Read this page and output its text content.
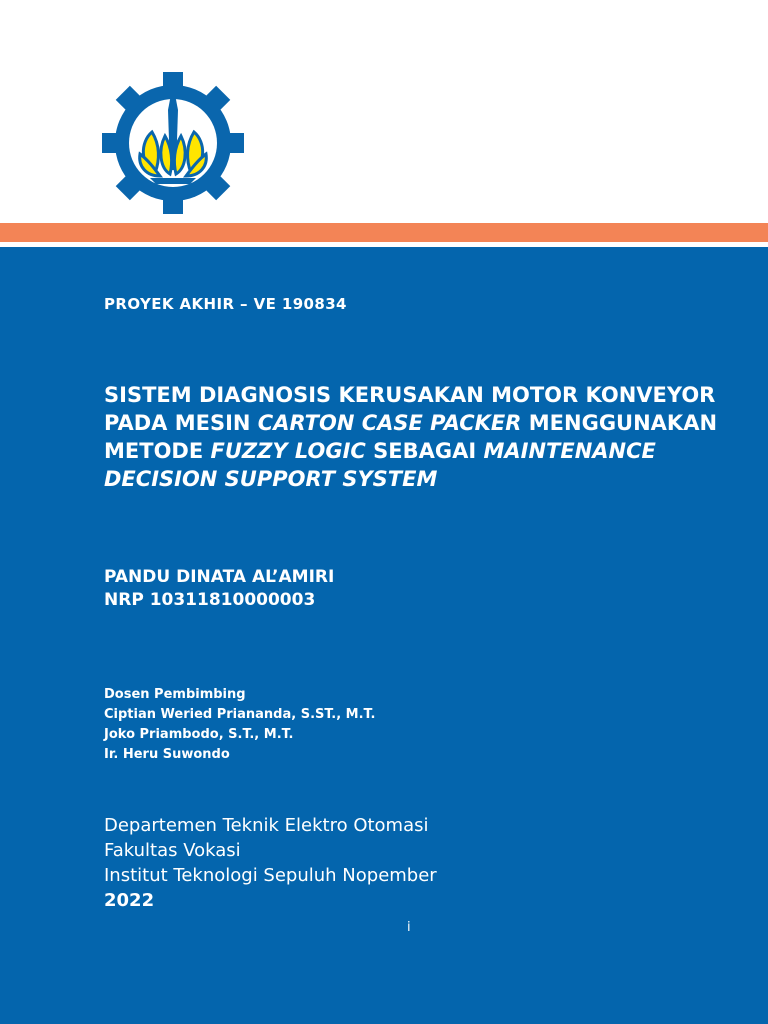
PROYEK AKHIR – VE 190834

SISTEM DIAGNOSIS KERUSAKAN MOTOR KONVEYOR
PADA MESIN CARTON CASE PACKER MENGGUNAKAN
METODE FUZZY LOGIC SEBAGAI MAINTENANCE
DECISION SUPPORT SYSTEM
PANDU DINATA AL’AMIRI
NRP 10311810000003
Dosen Pembimbing
Ciptian Weried Priananda, S.ST., M.T.
Joko Priambodo, S.T., M.T.
Ir. Heru Suwondo
Departemen Teknik Elektro Otomasi
Fakultas Vokasi
Institut Teknologi Sepuluh Nopember
2022
i
